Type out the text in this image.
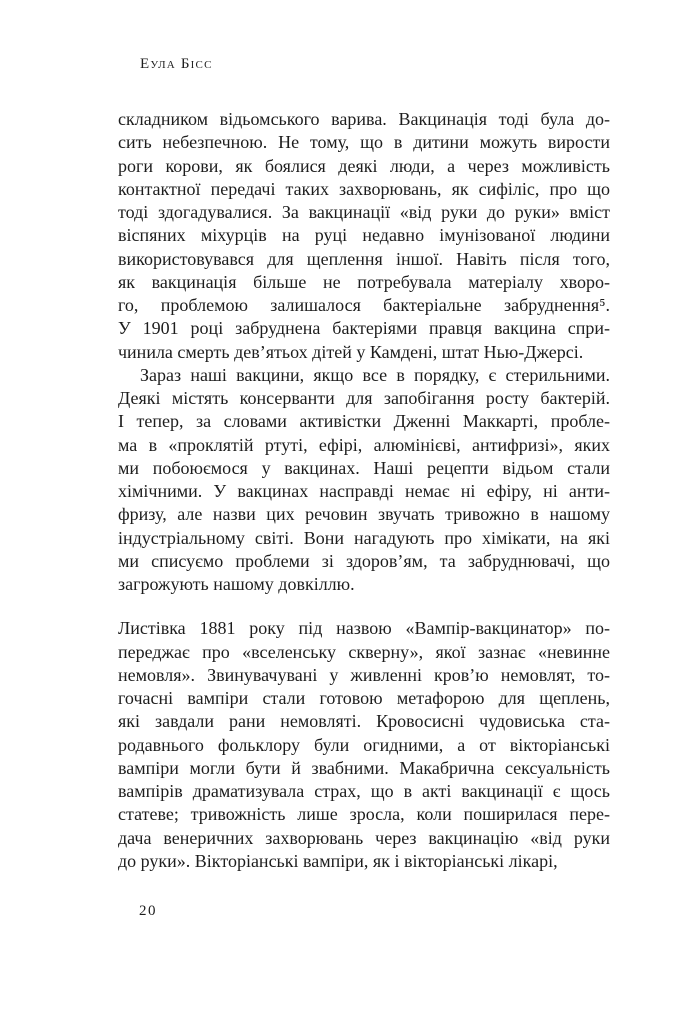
Еула Бісс
складником відьомського варива. Вакцинація тоді була до-
сить небезпечною. Не тому, що в дитини можуть вирости
роги корови, як боялися деякі люди, а через можливість
контактної передачі таких захворювань, як сифіліс, про що
тоді здогадувалися. За вакцинації «від руки до руки» вміст
віспяних міхурців на руці недавно імунізованої людини
використовувався для щеплення іншої. Навіть після того,
як вакцинація більше не потребувала матеріалу хворо-
го, проблемою залишалося бактеріальне забруднення⁵.
У 1901 році забруднена бактеріями правця вакцина спри-
чинила смерть дев’ятьох дітей у Камдені, штат Нью-Джерсі.
Зараз наші вакцини, якщо все в порядку, є стерильними.
Деякі містять консерванти для запобігання росту бактерій.
І тепер, за словами активістки Дженні Маккарті, пробле-
ма в «проклятій ртуті, ефірі, алюмінієві, антифризі», яких
ми побоюємося у вакцинах. Наші рецепти відьом стали
хімічними. У вакцинах насправді немає ні ефіру, ні анти-
фризу, але назви цих речовин звучать тривожно в нашому
індустріальному світі. Вони нагадують про хімікати, на які
ми списуємо проблеми зі здоров’ям, та забруднювачі, що
загрожують нашому довкіллю.
Листівка 1881 року під назвою «Вампір-вакцинатор» по-
переджає про «вселенську скверну», якої зазнає «невинне
немовля». Звинувачувані у живленні кров’ю немовлят, то-
гочасні вампіри стали готовою метафорою для щеплень,
які завдали рани немовляті. Кровосисні чудовиська ста-
родавнього фольклору були огидними, а от вікторіанські
вампіри могли бути й звабними. Макабрична сексуальність
вампірів драматизувала страх, що в акті вакцинації є щось
статеве; тривожність лише зросла, коли поширилася пере-
дача венеричних захворювань через вакцинацію «від руки
до руки». Вікторіанські вампіри, як і вікторіанські лікарі,
20
